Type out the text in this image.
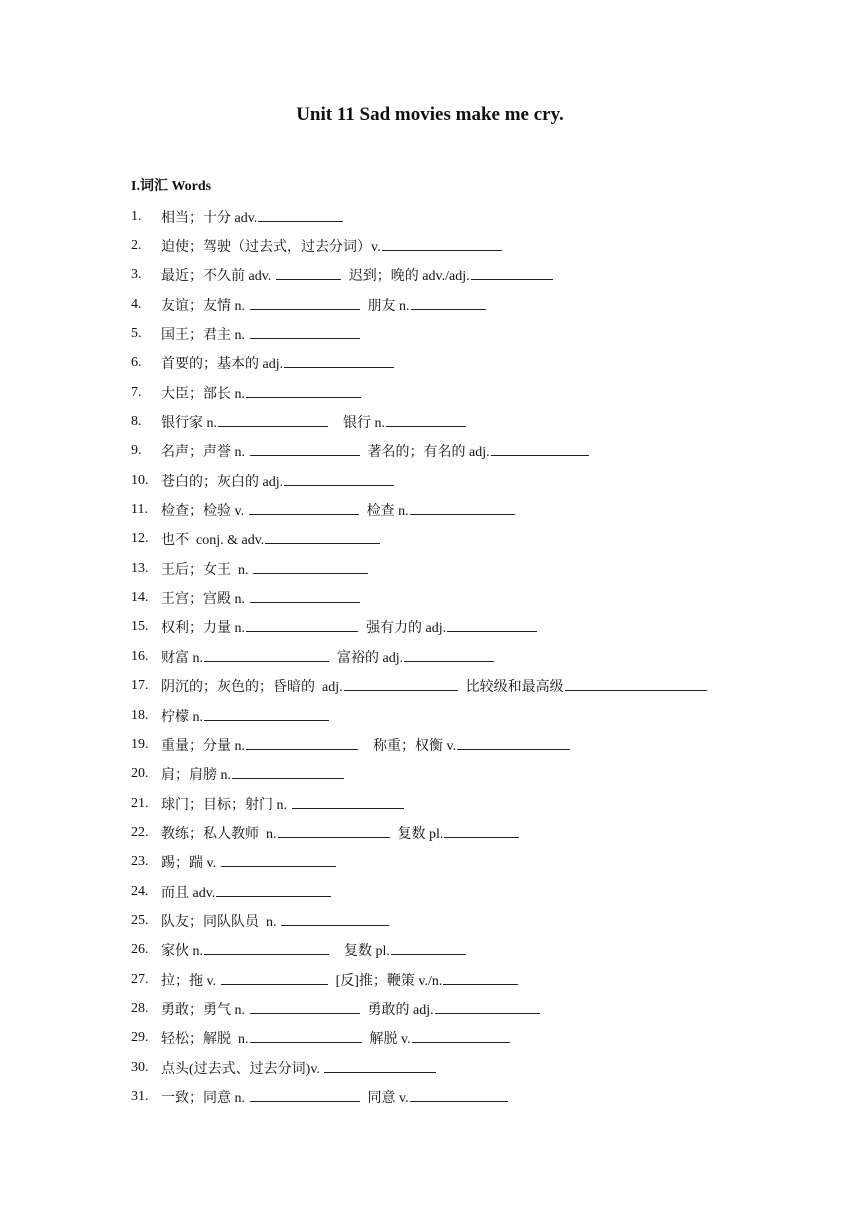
Unit 11 Sad movies make me cry.
I.词汇 Words
1.	相当；十分 adv.
2.	迫使；驾驶（过去式，过去分词）v.
3.	最近；不久前 adv.	迟到；晚的 adv./adj.
4.	友谊；友情 n.	朋友 n.
5.	国王；君主 n.
6.	首要的；基本的 adj.
7.	大臣；部长 n.
8.	银行家 n.	银行 n.
9.	名声；声誉 n.	著名的；有名的 adj.
10. 苍白的；灰白的 adj.
11. 检查；检验 v.	检查 n.
12. 也不  conj. & adv.
13. 王后；女王  n.
14. 王宫；宫殿 n.
15. 权利；力量 n.	强有力的 adj.
16. 财富 n.	富裕的 adj.
17. 阴沉的；灰色的；昏暗的  adj.	比较级和最高级
18. 柠檬 n.
19. 重量；分量 n.	称重；权衡 v.
20. 肩；肩膀 n.
21. 球门；目标；射门 n.
22. 教练；私人教师  n.	复数 pl.
23. 踢；踹 v.
24. 而且 adv.
25. 队友；同队队员  n.
26. 家伙 n.	复数 pl.
27. 拉；拖 v.	[反]推；鞭策 v./n.
28. 勇敢；勇气 n.	勇敢的 adj.
29. 轻松；解脱  n.	解脱 v.
30. 点头(过去式、过去分词)v.
31. 一致；同意 n.	同意 v.
